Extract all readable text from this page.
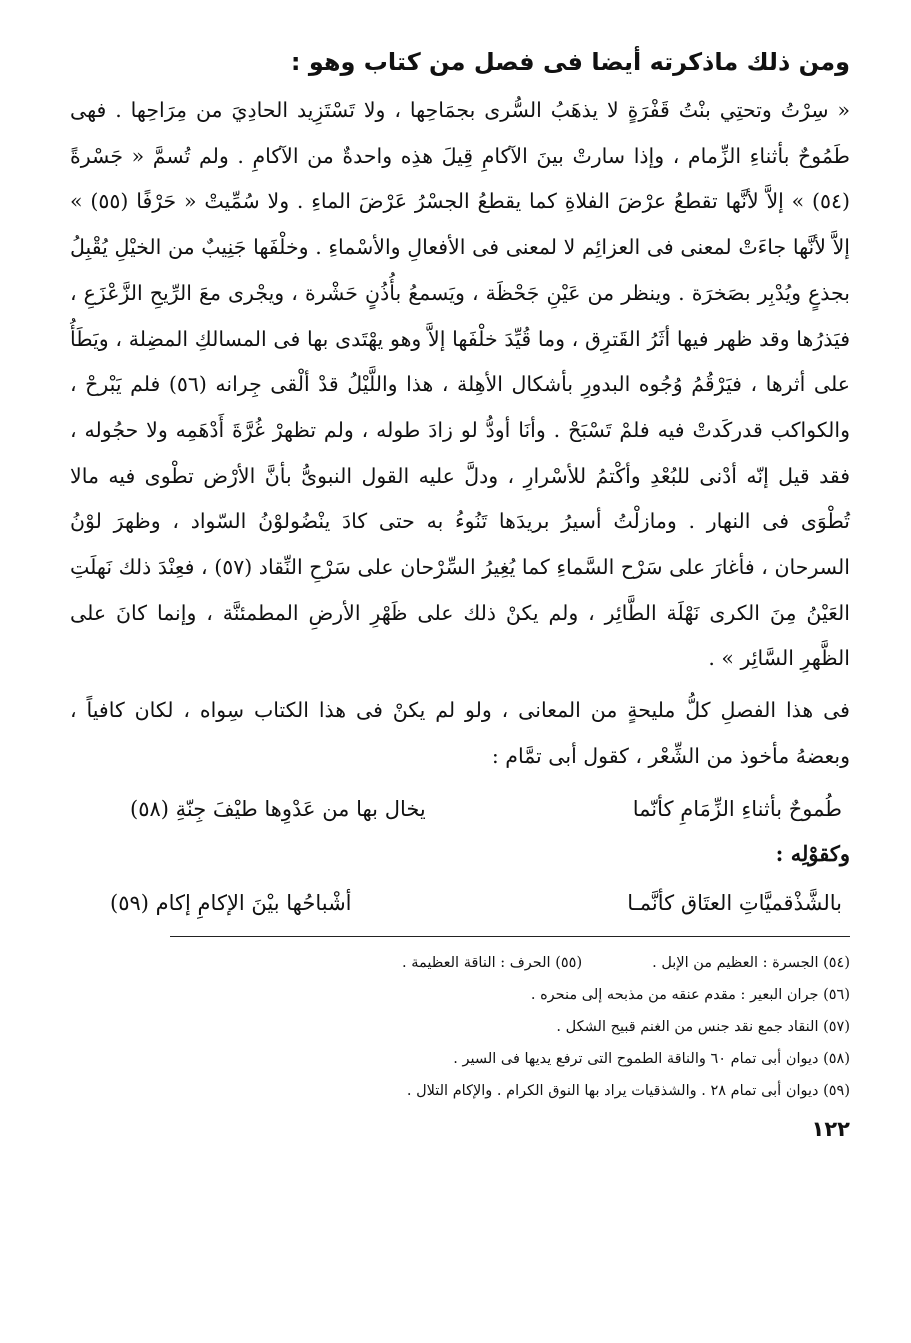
ومن ذلك ماذكرته أيضا فى فصل من كتاب وهو :

« سِرْتُ وتحتِي بنْتُ قَفْرَةٍ لا يذهَبُ السُّرى بجمَاحِها ، ولا تَسْتَزِيد الحادِيَ من مِرَاحِها . فهى طَمُوحٌ بأثناءِ الزِّمام ، وإذا سارتْ بينَ الآكامِ قِيلَ هذِه واحدةٌ من الآكامِ . ولم تُسمَّ « جَسْرةً (٥٤) » إلاَّ لأنَّها تقطعُ عرْضَ الفلاةِ كما يقطعُ الجسْرُ عَرْضَ الماءِ . ولا سُمِّيتْ « حَرْفًا (٥٥) » إلاَّ لأنَّها جاءَتْ لمعنى فى العزائِم لا لمعنى فى الأفعالِ والأسْماءِ . وخلْفَها جَنِيبٌ من الخيْلِ يُقْبِلُ بجذعٍ ويُدْبِر بصَخرَة . وينظر من عَيْنِ جَحْظَة ، ويَسمعُ بأُذُنٍ حَشْرة ، ويجْرى معَ الرِّيحِ الزَّعْزَعِ ، فيَذرُها وقد ظهر فيها أثَرُ القَترِق ، وما قُيِّدَ خلْفَها إلاَّ وهو يهْتَدى بها فى المسالكِ المضِلة ، ويَطَأُ على أثرها ، فيَرْقُمُ وُجُوه البدورِ بأشكال الأهِلة ، هذا واللَّيْلُ قدْ ألْقى جِرانه (٥٦) فلم يَبْرحْ ، والكواكب قدركَدتْ فيه فلمْ تَسْبَحْ . وأنَا أودُّ لو زادَ طوله ، ولم تظهرْ غُرَّةَ أَدْهَمِه ولا حجُوله ، فقد قيل إنّه أدْنى للبُعْدِ وأكْتمُ للأسْرارِ ، ودلَّ عليه القول النبوىُّ بأنَّ الأرْض تطْوى فيه مالا تُطْوَى فى النهار . ومازلْتُ أسيرُ بريدَها تَنُوءُ به حتى كادَ ينْضُولوْنُ السّواد ، وظهرَ لوْنُ السرحان ، فأغارَ على سَرْح السَّماءِ كما يُغِيرُ السِّرْحان على سَرْحِ النِّقاد (٥٧) ، فعِنْدَ ذلك نَهلَتِ العَيْنُ مِنَ الكرى نَهْلَة الطَّائِر ، ولم يكنْ ذلك على ظَهْرِ الأرضِ المطمئنَّة ، وإنما كانَ على الظَّهرِ السَّائِر » .

فى هذا الفصلِ كلُّ مليحةٍ من المعانى ، ولو لم يكنْ فى هذا الكتاب سِواه ، لكان كافياً ، وبعضهُ مأخوذ من الشِّعْر ، كقول أبى تمَّام :

طُموحٌ بأثناءِ الزِّمَامِ كأنّما
يخال بها من عَدْوِها طيْفَ جِنّةِ (٥٨)

وكقوْلِه :

بالشَّذْقميَّاتِ العتَاق كأنَّمـا
أشْباحُها بيْنَ الإكامِ إكام (٥٩)
(٥٤) الجسرة : العظيم من الإبل .
(٥٥) الحرف : الناقة العظيمة .
(٥٦) جران البعير : مقدم عنقه من مذبحه إلى منحره .
(٥٧) النقاد جمع نقد جنس من الغنم قبيح الشكل .
(٥٨) ديوان أبى تمام ٦٠ والناقة الطموح التى ترفع يديها فى السير .
(٥٩) ديوان أبى تمام ٢٨ . والشذقيات يراد بها النوق الكرام . والإكام التلال .
١٢٢
